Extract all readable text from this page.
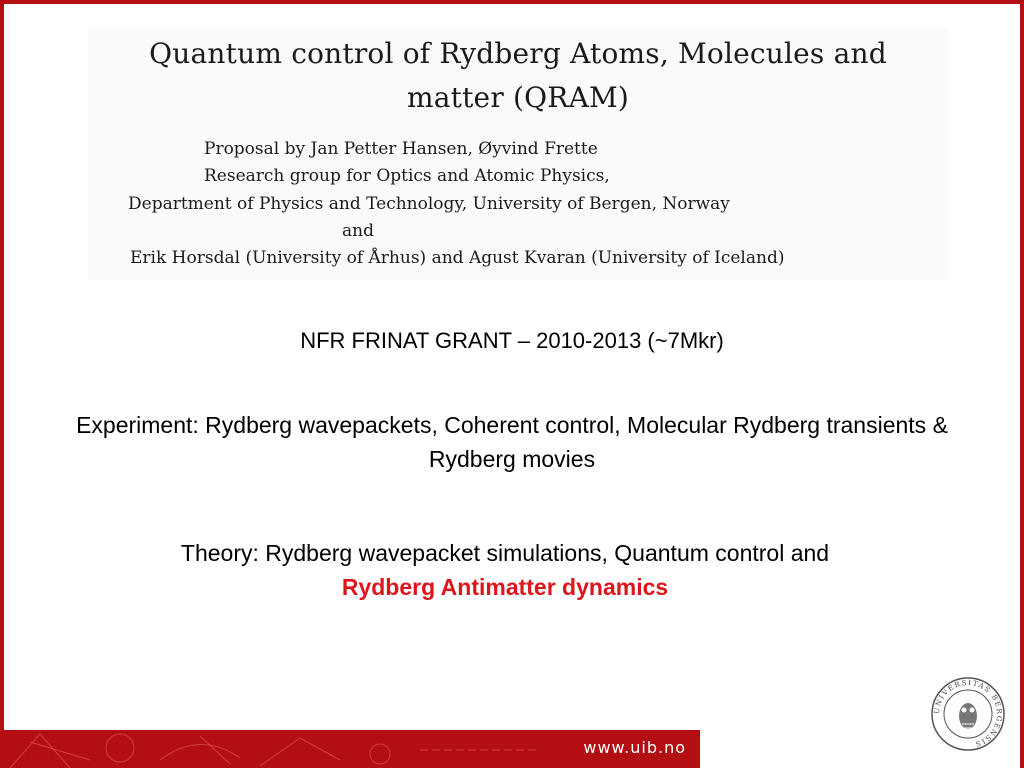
Quantum control of Rydberg Atoms, Molecules and
matter (QRAM)
Proposal by Jan Petter Hansen, Øyvind Frette
Research group for Optics and Atomic Physics,
Department of Physics and Technology, University of Bergen, Norway
and
Erik Horsdal (University of Århus) and Agust Kvaran (University of Iceland)
NFR FRINAT GRANT – 2010-2013 (~7Mkr)
Experiment: Rydberg wavepackets, Coherent control, Molecular Rydberg transients & Rydberg movies
Theory: Rydberg wavepacket simulations, Quantum control and
Rydberg Antimatter dynamics
UNIVERSITAS BERGENSIS
www.uib.no
